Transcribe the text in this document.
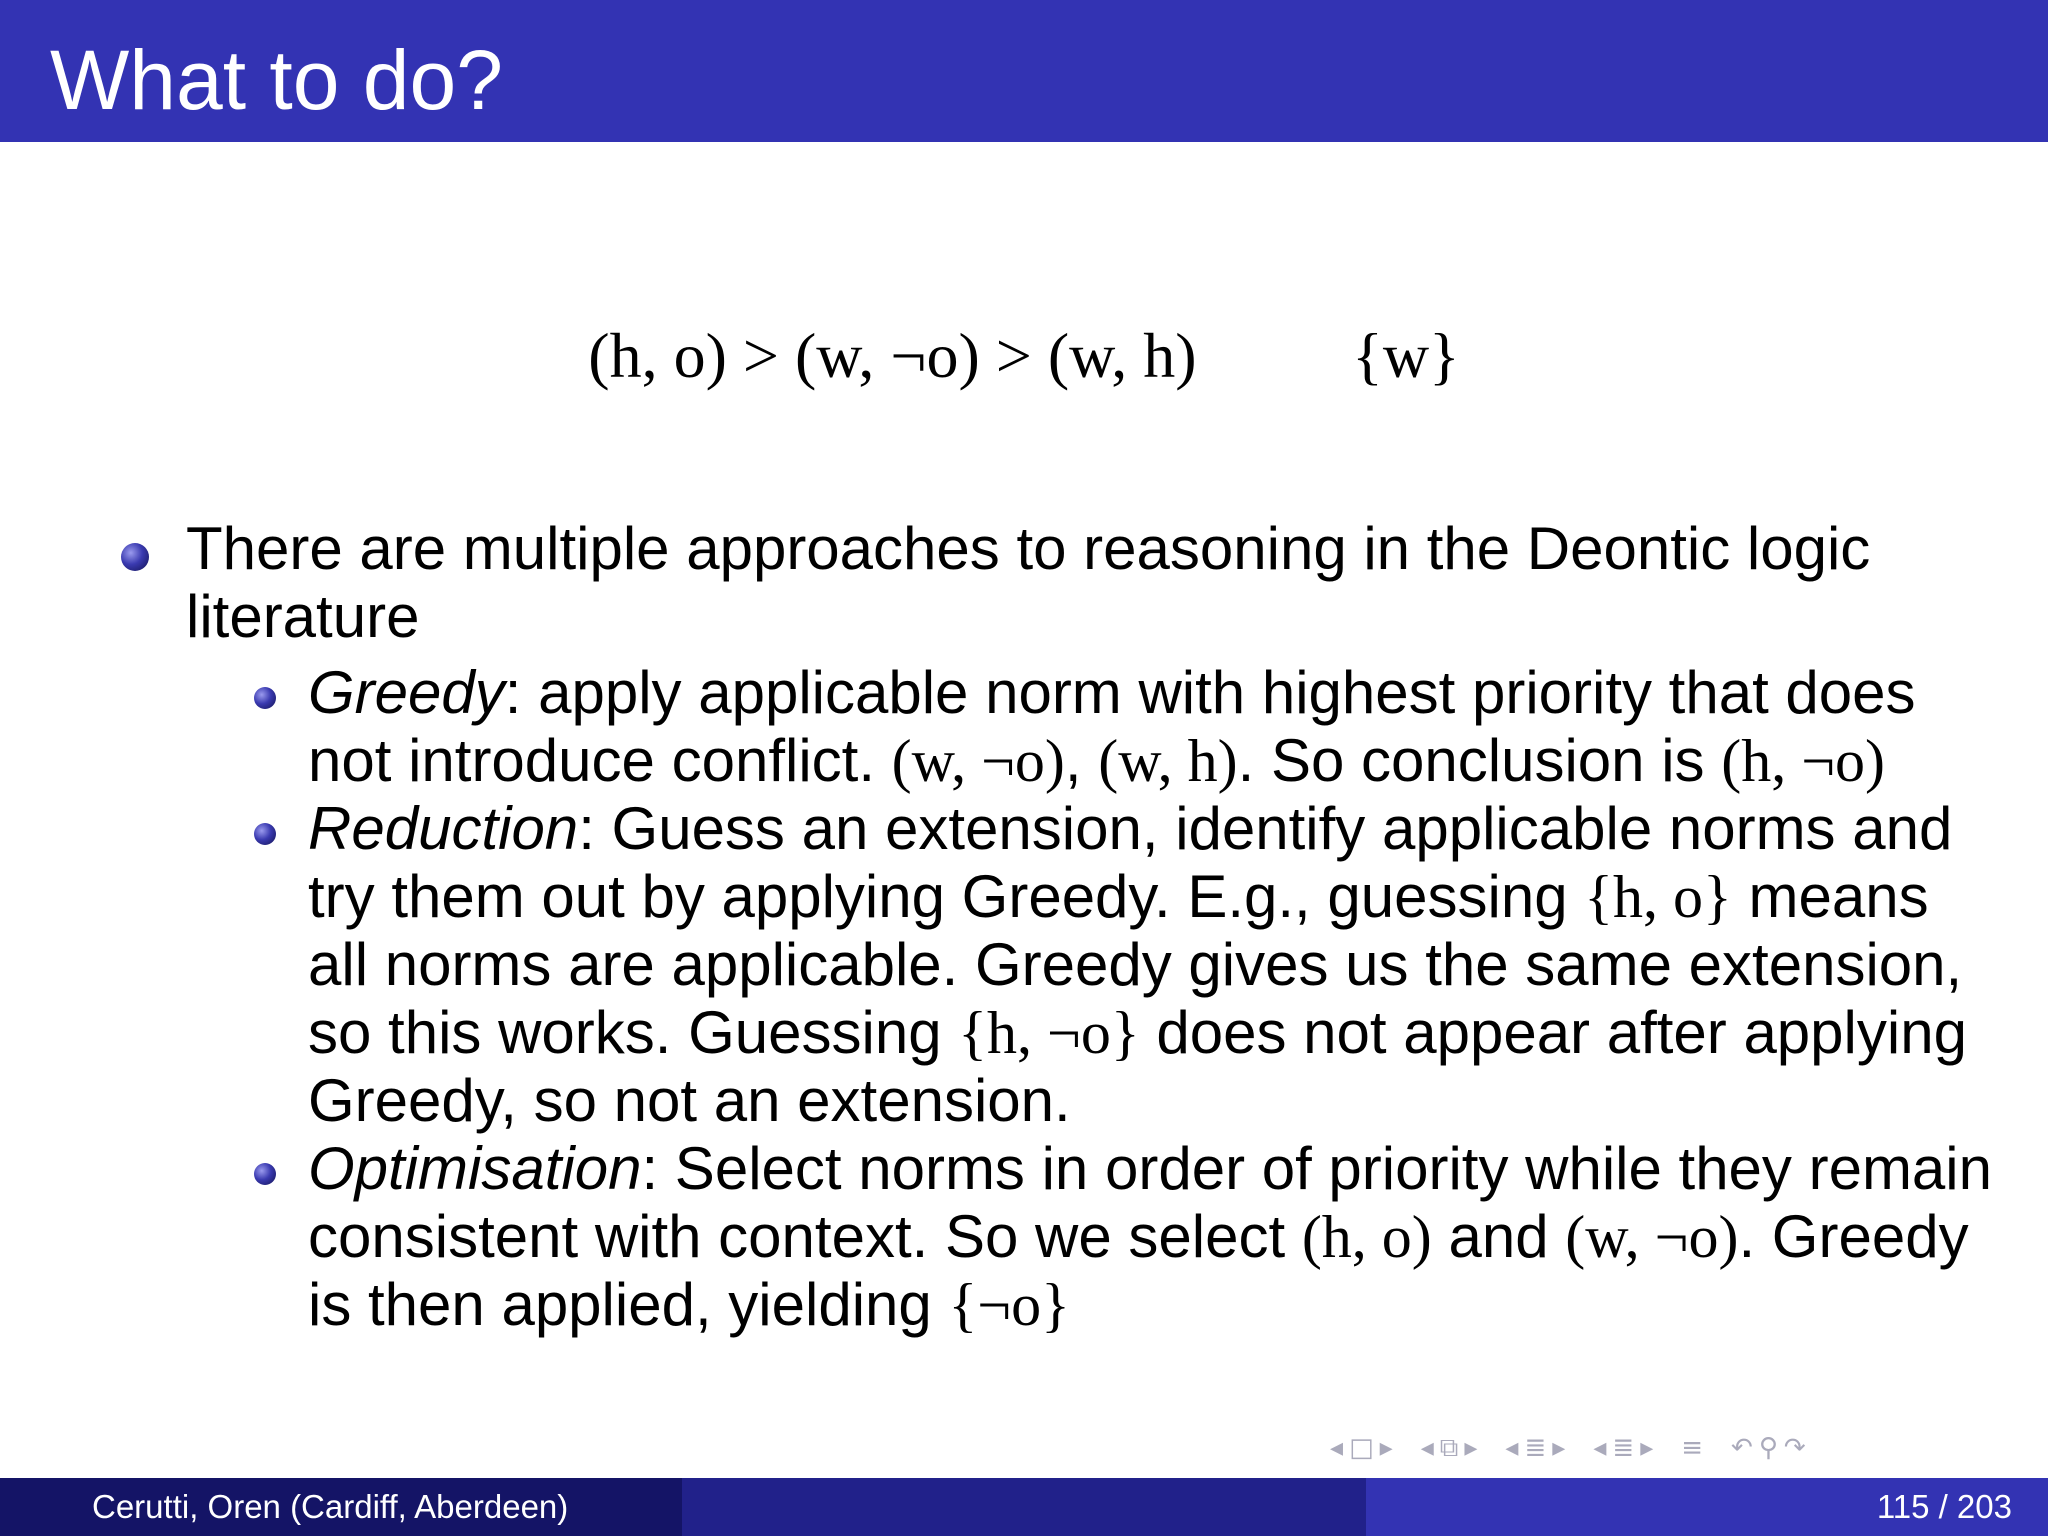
What to do?
(h, o) > (w, ¬o) > (w, h) {w}
There are multiple approaches to reasoning in the Deontic logic
literature
Greedy: apply applicable norm with highest priority that does not introduce conflict. (w, ¬o), (w, h). So conclusion is (h, ¬o)
Reduction: Guess an extension, identify applicable norms and try them out by applying Greedy. E.g., guessing {h, o} means all norms are applicable. Greedy gives us the same extension, so this works. Guessing {h, ¬o} does not appear after applying Greedy, so not an extension.
Optimisation: Select norms in order of priority while they remain consistent with context. So we select (h, o) and (w, ¬o). Greedy is then applied, yielding {¬o}
◂ □ ▸ ◂ ⧉ ▸ ◂ ≣ ▸ ◂ ≣ ▸ ≡ ↶ ⚲ ↷
Cerutti, Oren (Cardiff, Aberdeen)	115 / 203
